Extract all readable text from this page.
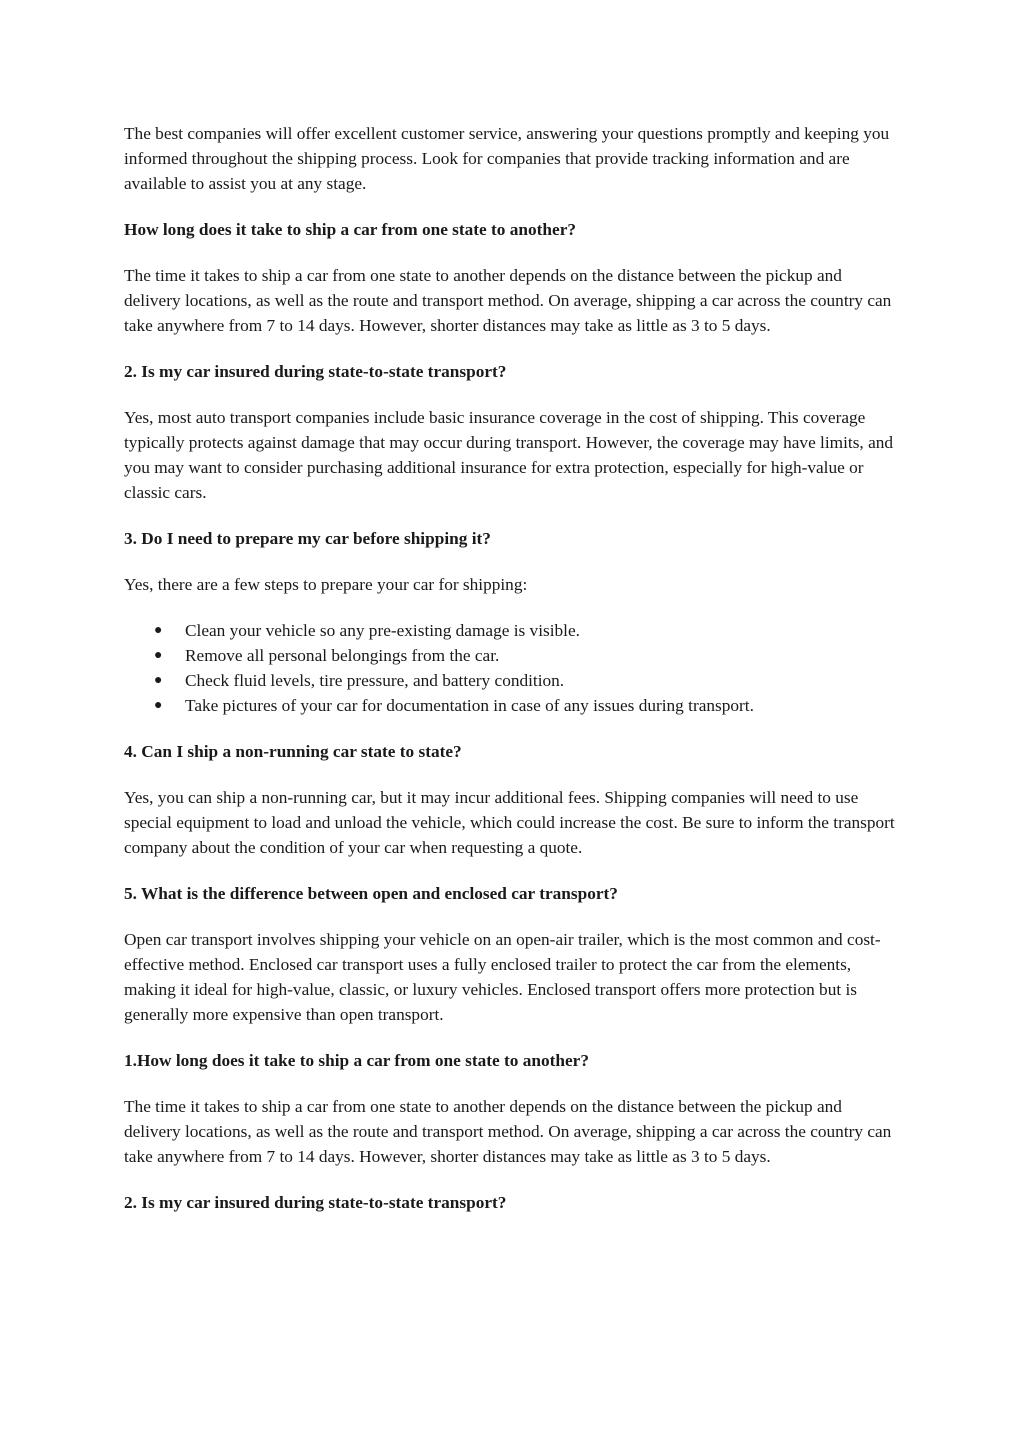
The best companies will offer excellent customer service, answering your questions promptly and keeping you informed throughout the shipping process. Look for companies that provide tracking information and are available to assist you at any stage.

How long does it take to ship a car from one state to another?

The time it takes to ship a car from one state to another depends on the distance between the pickup and delivery locations, as well as the route and transport method. On average, shipping a car across the country can take anywhere from 7 to 14 days. However, shorter distances may take as little as 3 to 5 days.

2. Is my car insured during state-to-state transport?

Yes, most auto transport companies include basic insurance coverage in the cost of shipping. This coverage typically protects against damage that may occur during transport. However, the coverage may have limits, and you may want to consider purchasing additional insurance for extra protection, especially for high-value or classic cars.

3. Do I need to prepare my car before shipping it?

Yes, there are a few steps to prepare your car for shipping:

● Clean your vehicle so any pre-existing damage is visible.
● Remove all personal belongings from the car.
● Check fluid levels, tire pressure, and battery condition.
● Take pictures of your car for documentation in case of any issues during transport.

4. Can I ship a non-running car state to state?

Yes, you can ship a non-running car, but it may incur additional fees. Shipping companies will need to use special equipment to load and unload the vehicle, which could increase the cost. Be sure to inform the transport company about the condition of your car when requesting a quote.

5. What is the difference between open and enclosed car transport?

Open car transport involves shipping your vehicle on an open-air trailer, which is the most common and cost-effective method. Enclosed car transport uses a fully enclosed trailer to protect the car from the elements, making it ideal for high-value, classic, or luxury vehicles. Enclosed transport offers more protection but is generally more expensive than open transport.

1.How long does it take to ship a car from one state to another?

The time it takes to ship a car from one state to another depends on the distance between the pickup and delivery locations, as well as the route and transport method. On average, shipping a car across the country can take anywhere from 7 to 14 days. However, shorter distances may take as little as 3 to 5 days.

2. Is my car insured during state-to-state transport?
